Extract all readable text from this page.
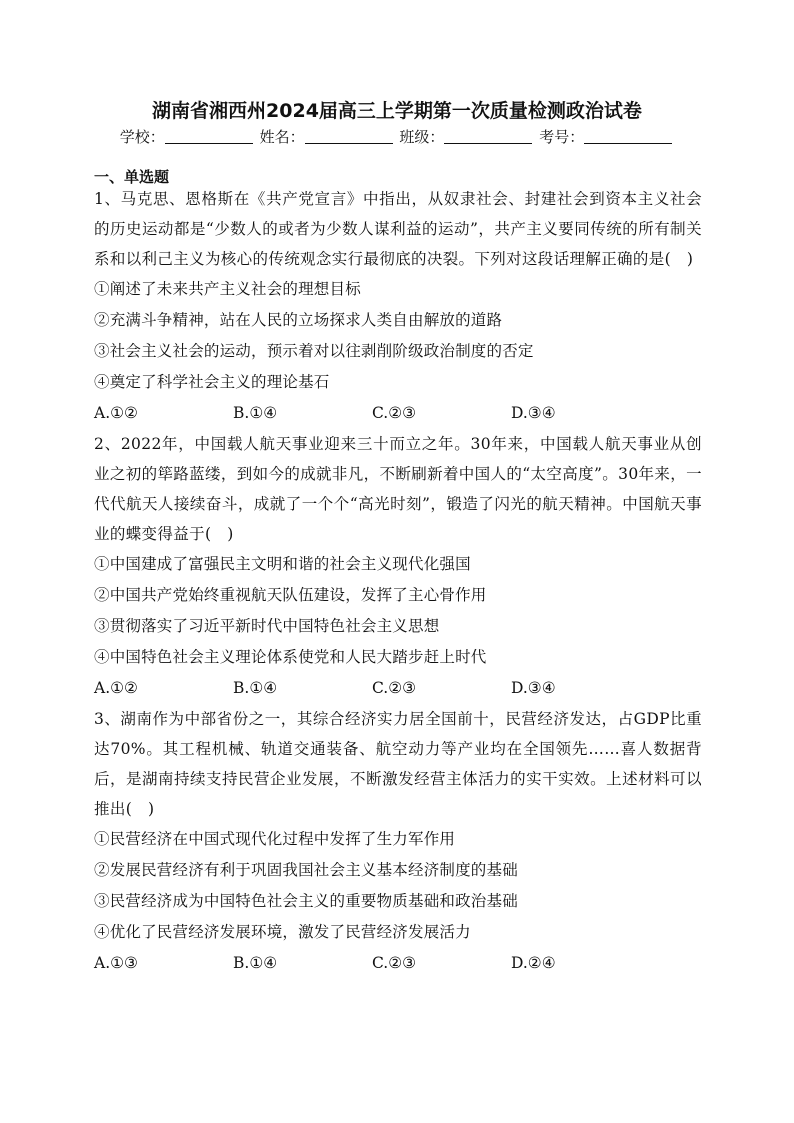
湖南省湘西州2024届高三上学期第一次质量检测政治试卷
学校：	姓名：	班级：	考号：
一、单选题

1、马克思、恩格斯在《共产党宣言》中指出，从奴隶社会、封建社会到资本主义社会的历史运动都是“少数人的或者为少数人谋利益的运动”，共产主义要同传统的所有制关系和以利己主义为核心的传统观念实行最彻底的决裂。下列对这段话理解正确的是(　)

①阐述了未来共产主义社会的理想目标

②充满斗争精神，站在人民的立场探求人类自由解放的道路

③社会主义社会的运动，预示着对以往剥削阶级政治制度的否定

④奠定了科学社会主义的理论基石

A.①②	B.①④	C.②③	D.③④

2、2022年，中国载人航天事业迎来三十而立之年。30年来，中国载人航天事业从创业之初的筚路蓝缕，到如今的成就非凡，不断刷新着中国人的“太空高度”。30年来，一代代航天人接续奋斗，成就了一个个“高光时刻”，锻造了闪光的航天精神。中国航天事业的蝶变得益于(　)

①中国建成了富强民主文明和谐的社会主义现代化强国

②中国共产党始终重视航天队伍建设，发挥了主心骨作用

③贯彻落实了习近平新时代中国特色社会主义思想

④中国特色社会主义理论体系使党和人民大踏步赶上时代

A.①②	B.①④	C.②③	D.③④

3、湖南作为中部省份之一，其综合经济实力居全国前十，民营经济发达，占GDP比重达70%。其工程机械、轨道交通装备、航空动力等产业均在全国领先……喜人数据背后，是湖南持续支持民营企业发展，不断激发经营主体活力的实干实效。上述材料可以推出(　)

①民营经济在中国式现代化过程中发挥了生力军作用

②发展民营经济有利于巩固我国社会主义基本经济制度的基础

③民营经济成为中国特色社会主义的重要物质基础和政治基础

④优化了民营经济发展环境，激发了民营经济发展活力

A.①③	B.①④	C.②③	D.②④
